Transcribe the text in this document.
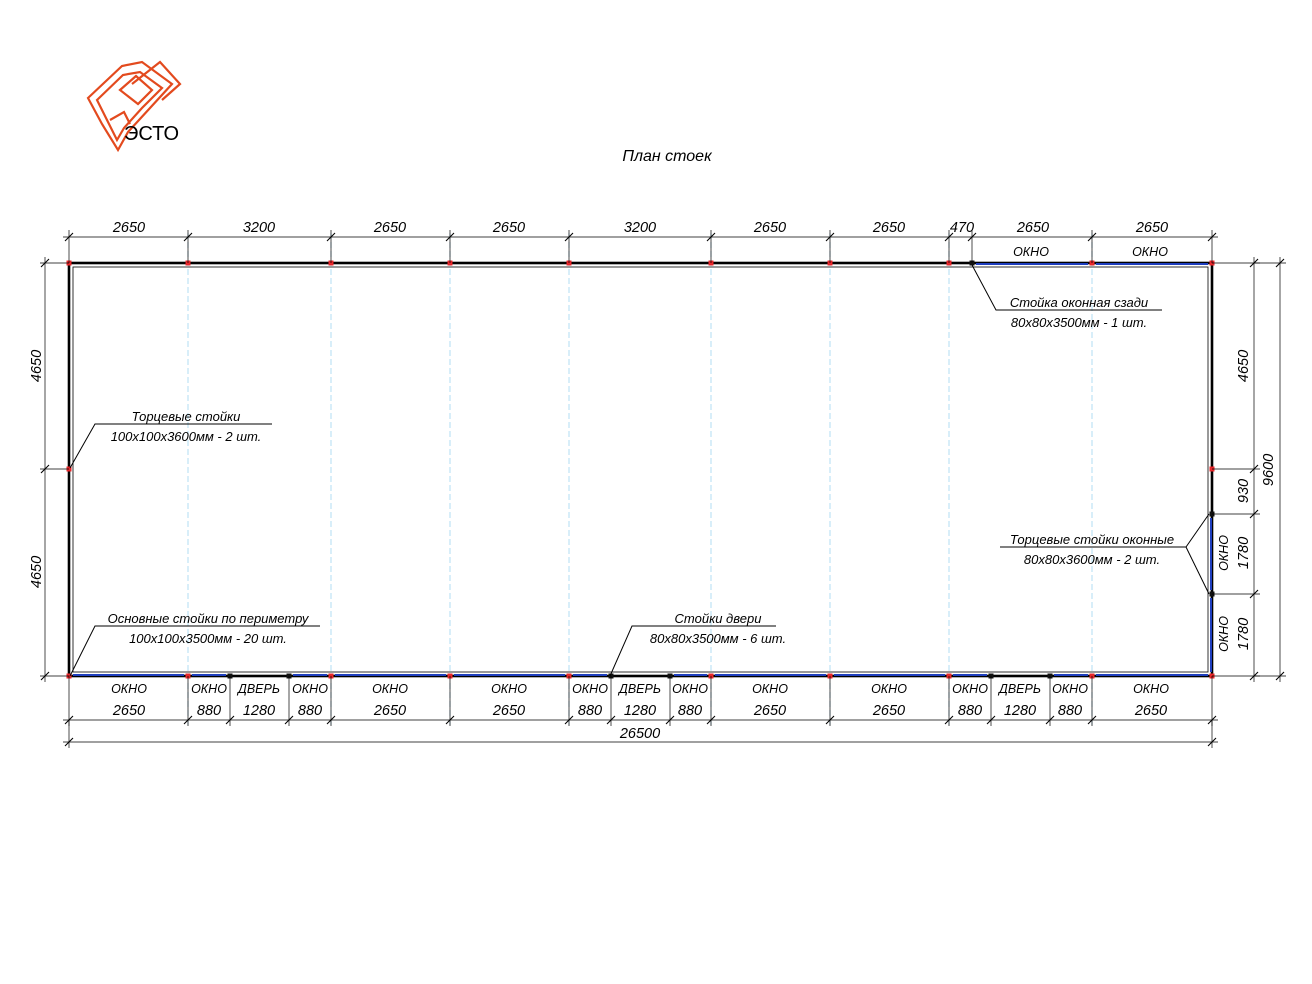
ЭСТО
План стоек
2650	3200	2650	2650	3200	2650	2650	470	2650	2650
ОКНО	ОКНО
ОКНО
2650
ОКНО
880
ДВЕРЬ
1280
ОКНО
880
ОКНО
2650
ОКНО
2650
ОКНО
880
ДВЕРЬ
1280
ОКНО
880
ОКНО
2650
ОКНО
2650
ОКНО
880
ДВЕРЬ
1280
ОКНО
880
ОКНО
2650
26500
4650
4650
4650
930
1780
1780
ОКНО
ОКНО
9600
Стойка оконная сзади
80х80х3500мм - 1 шт.
Торцевые стойки
100х100х3600мм - 2 шт.
Торцевые стойки оконные
80х80х3600мм - 2 шт.
Основные стойки по периметру
100х100х3500мм - 20 шт.
Стойки двери
80х80х3500мм - 6 шт.
